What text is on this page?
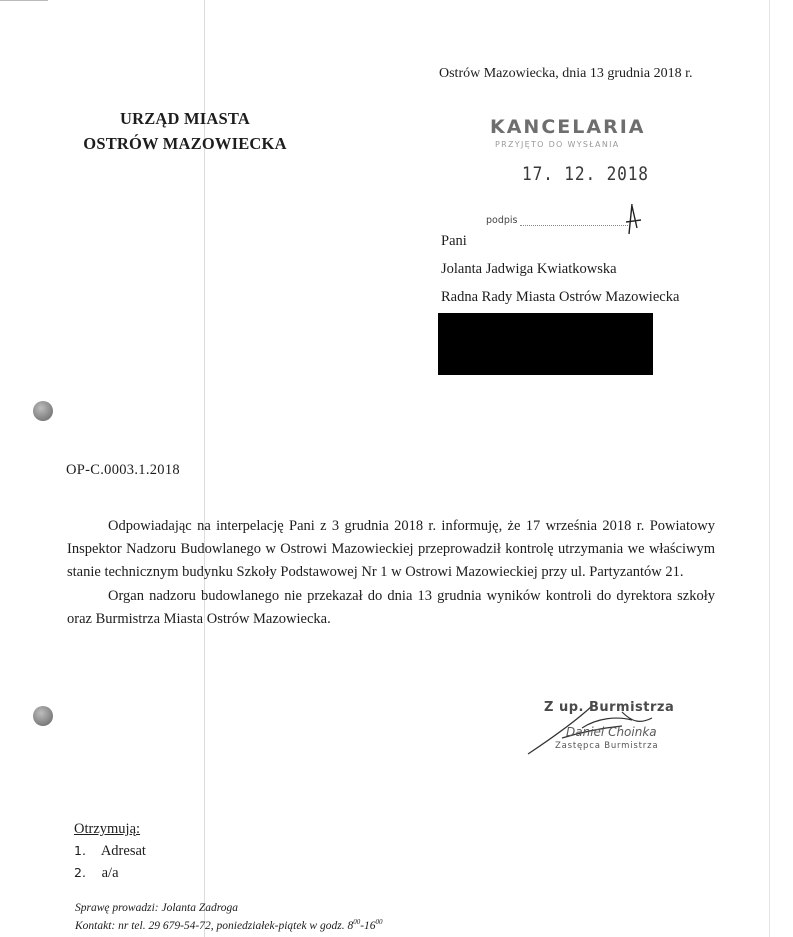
Ostrów Mazowiecka, dnia 13 grudnia 2018 r.
URZĄD MIASTA
OSTRÓW MAZOWIECKA
KANCELARIA
PRZYJĘTO DO WYSŁANIA
17. 12. 2018
podpis
Pani
Jolanta Jadwiga Kwiatkowska
Radna Rady Miasta Ostrów Mazowiecka
OP-C.0003.1.2018

Odpowiadając na interpelację Pani z 3 grudnia 2018 r. informuję, że 17 września 2018 r. Powiatowy Inspektor Nadzoru Budowlanego w Ostrowi Mazowieckiej przeprowadził kontrolę utrzymania we właściwym stanie technicznym budynku Szkoły Podstawowej Nr 1 w Ostrowi Mazowieckiej przy ul. Partyzantów 21.

Organ nadzoru budowlanego nie przekazał do dnia 13 grudnia wyników kontroli do dyrektora szkoły oraz Burmistrza Miasta Ostrów Mazowiecka.

Z up. Burmistrza
Daniel Choinka
Zastępca Burmistrza
Otrzymują:
1. Adresat
2. a/a
Sprawę prowadzi: Jolanta Zadroga
Kontakt: nr tel. 29 679-54-72, poniedziałek-piątek w godz. $8^{00}-16^{00}$
